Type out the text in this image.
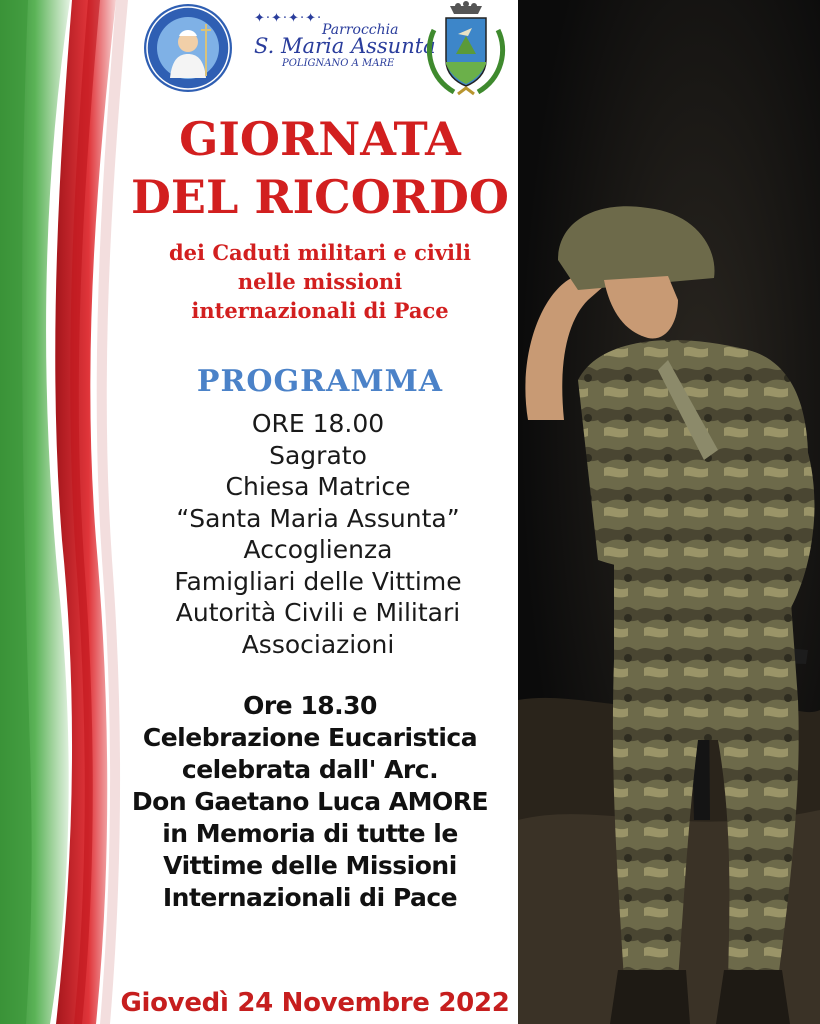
✦·✦·✦·✦·
Parrocchia
S. Maria Assunta
POLIGNANO A MARE
GIORNATA
DEL RICORDO
dei Caduti militari e civili
nelle missioni
internazionali di Pace
PROGRAMMA
ORE 18.00
Sagrato
Chiesa Matrice
“Santa Maria Assunta”
Accoglienza
Famigliari delle Vittime
Autorità Civili e Militari
Associazioni
Ore 18.30
Celebrazione Eucaristica
celebrata dall' Arc.
Don Gaetano Luca AMORE
in Memoria di tutte le
Vittime delle Missioni
Internazionali di Pace
Giovedì 24 Novembre 2022
